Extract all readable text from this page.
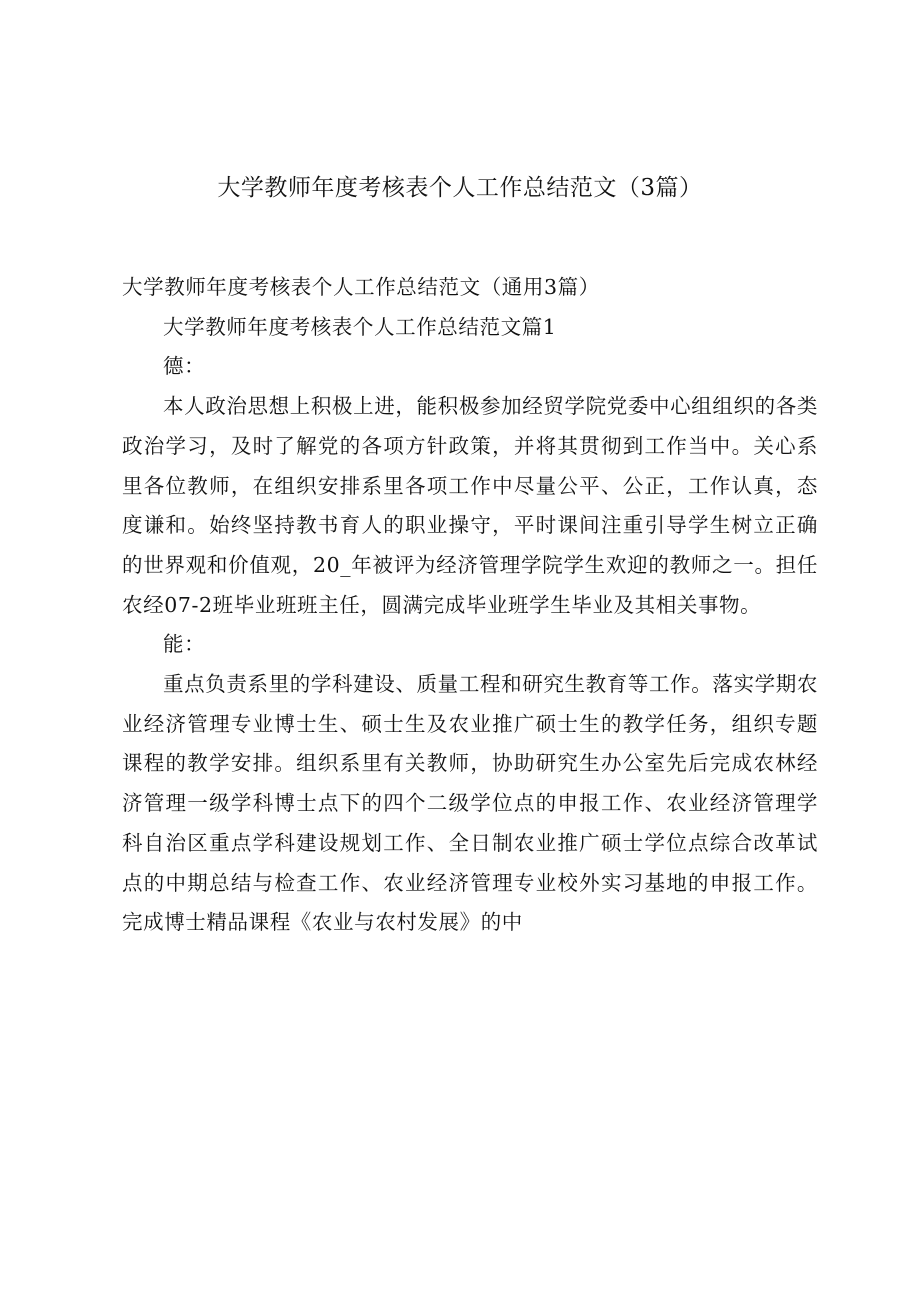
大学教师年度考核表个人工作总结范文（3篇）

大学教师年度考核表个人工作总结范文（通用3篇）

大学教师年度考核表个人工作总结范文篇1

德：

本人政治思想上积极上进，能积极参加经贸学院党委中心组组织的各类政治学习，及时了解党的各项方针政策，并将其贯彻到工作当中。关心系里各位教师，在组织安排系里各项工作中尽量公平、公正，工作认真，态度谦和。始终坚持教书育人的职业操守，平时课间注重引导学生树立正确的世界观和价值观，20_年被评为经济管理学院学生欢迎的教师之一。担任农经07-2班毕业班班主任，圆满完成毕业班学生毕业及其相关事物。

能：

重点负责系里的学科建设、质量工程和研究生教育等工作。落实学期农业经济管理专业博士生、硕士生及农业推广硕士生的教学任务，组织专题课程的教学安排。组织系里有关教师，协助研究生办公室先后完成农林经济管理一级学科博士点下的四个二级学位点的申报工作、农业经济管理学科自治区重点学科建设规划工作、全日制农业推广硕士学位点综合改革试点的中期总结与检查工作、农业经济管理专业校外实习基地的申报工作。完成博士精品课程《农业与农村发展》的中
